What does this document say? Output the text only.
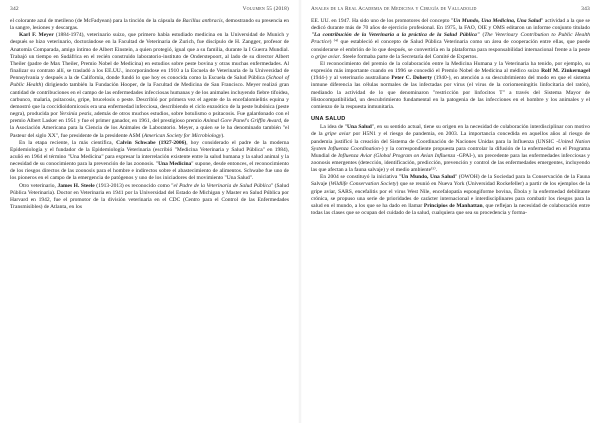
342	Volumen 55 (2018)

el colorante azul de metileno (de McFadyean) para la tinción de la cápsula de Bacillus anthracis, demostrando su presencia en la sangre, lesiones y descargas.

Karl F. Meyer (1884-1974), veterinario suizo, que primero había estudiado medicina en la Universidad de Munich y después se hizo veterinario, doctorándose en la Facultad de Veterinaria de Zurich, fue discípulo de H. Zangger, profesor de Anatomía Comparada, amigo íntimo de Albert Einstein, a quien protegió, igual que a su familia, durante la I Guerra Mundial. Trabajó un tiempo en Sudáfrica en el recién construido laboratorio-instituto de Onderstepoort, al lado de su director Albert Theiler (padre de Max Theiler, Premio Nobel de Medicina) en estudios sobre peste bovina y otras muchas enfermedades. Al finalizar su contrato allí, se trasladó a los EE.UU., incorporándose en 1910 a la Escuela de Veterinaria de la Universidad de Pennsylvania y después a la de California, donde fundó lo que hoy es conocida como la Escuela de Salud Pública (School of Public Health) dirigiendo también la Fundación Hooper, de la Facultad de Medicina de San Francisco. Meyer realizó gran cantidad de contribuciones en el campo de las enfermedades infecciosas humanas y de los animales incluyendo fiebre tifoidea, carbunco, malaria, psitacosis, gripe, brucelosis o peste. Describió por primera vez el agente de la encefalomielitis equina y demostró que la coccidioidomicosis era una enfermedad infecciosa, describiendo el ciclo enzoótico de la peste bubónica (peste negra), producida por Yersinia pestis, además de otros muchos estudios, sobre botulismo o psitacosis. Fue galardonado con el premio Albert Lasker en 1951 y fue el primer ganador, en 1961, del prestigioso premio Animal Gore Panel's Griffin Award, de la Asociación Americana para la Ciencia de los Animales de Laboratorio. Meyer, a quien se le ha denominado también "el Pasteur del siglo XX", fue presidente de la presidente ASM (American Society for Microbiology).

En la etapa reciente, la más científica, Calvin Schwabe (1927-2006), hoy considerado el padre de la moderna Epidemiología y el fundador de la Epidemiología Veterinaria (escribió "Medicina Veterinaria y Salud Pública" en 1984), acuñó en 1964 el término "Una Medicina" para expresar la interrelación existente entre la salud humana y la salud animal y la necesidad de su conocimiento para la prevención de las zoonosis. "Una Medicina" supone, desde entonces, el reconocimiento de los riesgos directos de las zoonosis para el hombre e indirectos sobre el abastecimiento de alimentos. Schwabe fue uno de los pioneros en el campo de la emergencia de patógenos y uno de los iniciadores del movimiento "Una Salud".

Otro veterinario, James H. Steele (1913-2013) es reconocido como "el Padre de la Veterinaria de Salud Pública" (Salud Pública Veterinaria). Doctor en Veterinaria en 1941 por la Universidad del Estado de Michigan y Master en Salud Pública por Harvard en 1942, fue el promotor de la división veterinaria en el CDC (Centro para el Control de las Enfermedades Transmisibles) de Atlanta, en los

Anales de la Real Academia de Medicina y Cirugía de Valladolid	343

EE. UU. en 1947. Ha sido uno de los promotores del concepto "Un Mundo, Una Medicina, Una Salud" actividad a la que se dedicó durante más de 70 años de ejercicio profesional. En 1975, la FAO, OIE y OMS editaron un informe conjunto titulado "La contribución de la Veterinaria a la práctica de la Salud Pública" (The Veterinary Contribution to Public Health Practice) ⁽⁴⁾ que estableció el concepto de Salud Pública Veterinaria como un área de cooperación entre ellas, que puede considerarse el embrión de lo que después, se convertiría en la plataforma para responsabilidad internacional frente a la peste o gripe aviar. Steele formaba parte de la Secretaría del Comité de Expertos.

El reconocimiento del premio de la colaboración entre la Medicina Humana y la Veterinaria ha tenido, por ejemplo, su expresión más importante cuando en 1996 se concedió el Premio Nobel de Medicina al médico suizo Rolf M. Zinkernagel (1944-) y al veterinario australiano Peter C. Doherty (1940-), en atención a su descubrimiento del modo en que el sistema inmune diferencia las células normales de las infectadas por virus (el virus de la coriomeningitis linfocitaria del ratón), mediando la actividad de lo que denominaron "restricción por linfocitos T" a través del Sistema Mayor de Histocompatibilidad, un descubrimiento fundamental en la patogenia de las infecciones en el hombre y los animales y el comienzo de la respuesta inmunitaria.

UNA SALUD

La idea de "Una Salud", en su sentido actual, tiene su origen en la necesidad de colaboración interdisciplinar con motivo de la gripe aviar por H5N1 y el riesgo de pandemia, en 2003. La importancia concedida en aquellos años al riesgo de pandemia justificó la creación del Sistema de Coordinación de Naciones Unidas para la Influenza (UNSIC -United Nation System Influenza Coordination-) y la correspondiente propuesta para controlar la difusión de la enfermedad en el Programa Mundial de Influenza Aviar (Global Program on Avian Influenza -GPAI-), un precedente para las enfermedades infecciosas y zoonosis emergentes (detección, identificación, predicción, prevención y control de las enfermedades emergentes, incluyendo las que afectan a la fauna salvaje) y el medio ambiente⁽⁵⁾.

En 2004 se constituyó la iniciativa "Un Mundo, Una Salud" (OWOH) de la Sociedad para la Conservación de la Fauna Salvaje (Wildlife Conservation Society) que se reunió en Nueva York (Universidad Rockefeller) a partir de los ejemplos de la gripe aviar, SARS, encefalitis por el virus West Nile, encefalopatía espongiforme bovina, Ébola y la enfermedad debilitante crónica, se propuso una serie de prioridades de carácter internacional e interdisciplinares para combatir los riesgos para la salud en el mundo, a los que se ha dado en llamar Principios de Manhattan, que reflejan la necesidad de colaboración entre todas las clases que se ocupan del cuidado de la salud, cualquiera que sea su procedencia y forma-
